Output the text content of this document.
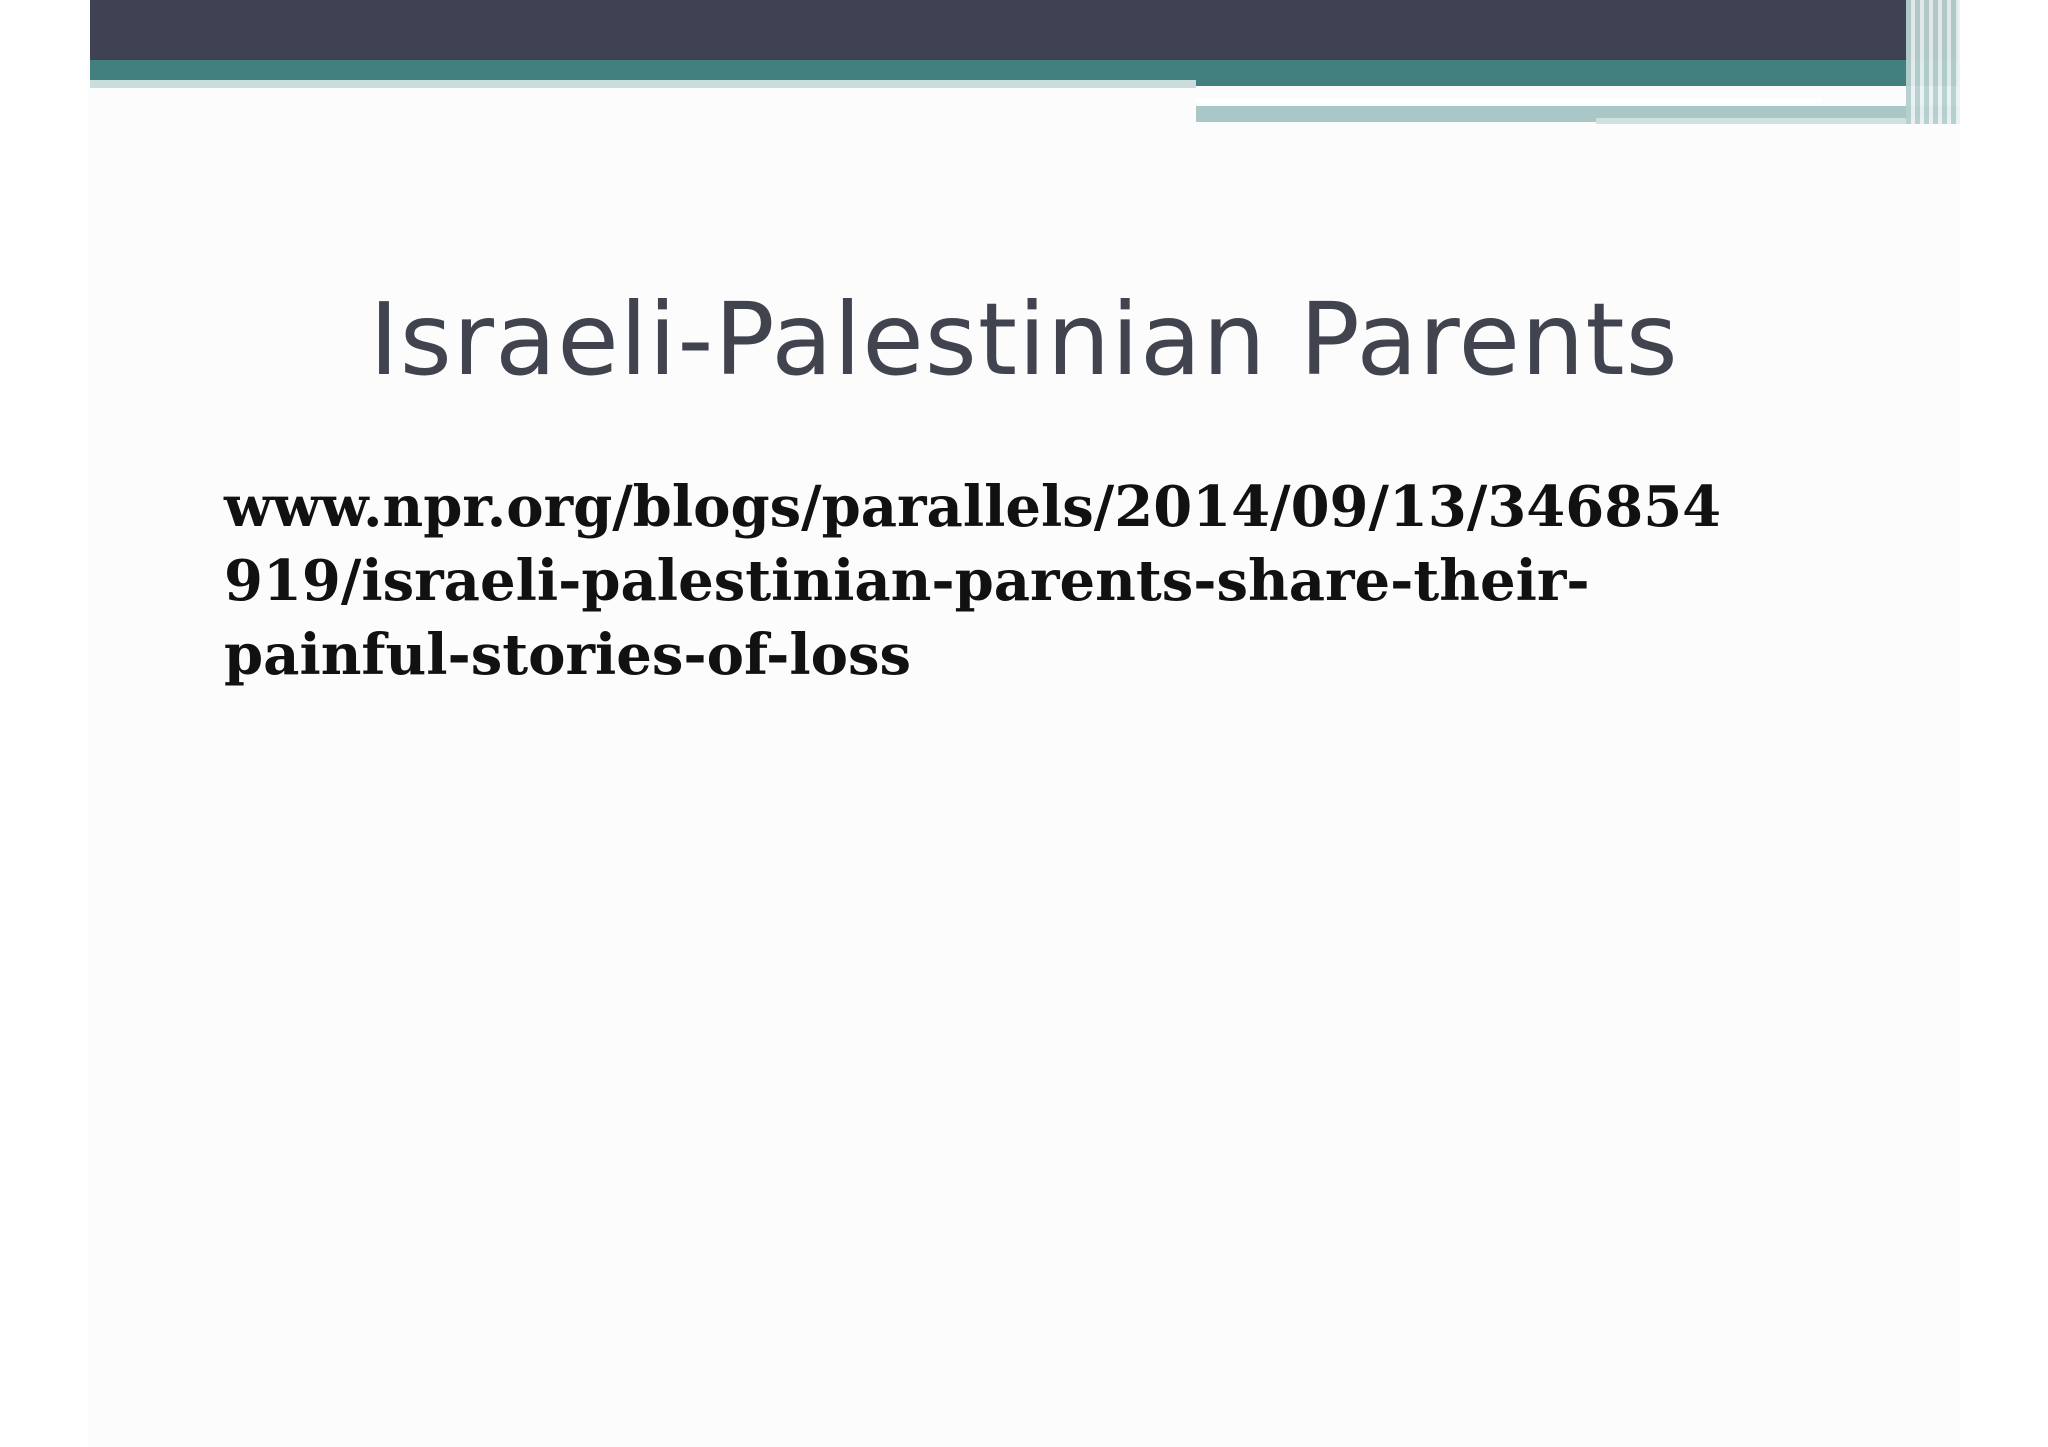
Israeli-Palestinian Parents
www.npr.org/blogs/parallels/2014/09/13/346854
919/israeli-palestinian-parents-share-their-
painful-stories-of-loss
